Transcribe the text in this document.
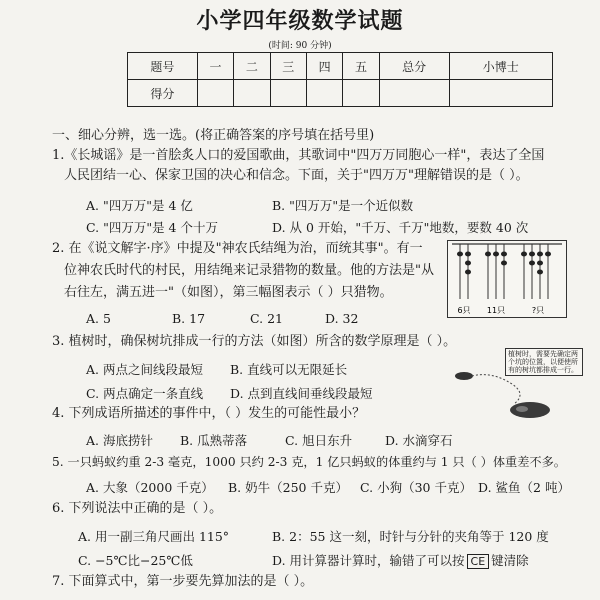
小学四年级数学试题
(时间: 90 分钟)
题号	一	二	三	四	五	总分	小博士
得分							
一、细心分辨，选一选。(将正确答案的序号填在括号里)
1.《长城谣》是一首脍炙人口的爱国歌曲，其歌词中"四万万同胞心一样"，表达了全国
人民团结一心、保家卫国的决心和信念。下面，关于"四万万"理解错误的是（ ）。
A. "四万万"是 4 亿	B. "四万万"是一个近似数
C. "四万万"是 4 个十万	D. 从 0 开始，"千万、千万"地数，要数 40 次
2. 在《说文解字·序》中提及"神农氏结绳为治，而统其事"。有一
位神农氏时代的村民，用结绳来记录猎物的数量。他的方法是"从
右往左，满五进一"（如图），第三幅图表示（ ）只猎物。
A. 5	B. 17	C. 21	D. 32
6只 11只	?只
3. 植树时，确保树坑排成一行的方法（如图）所含的数学原理是（ ）。
A. 两点之间线段最短 B. 直线可以无限延长
C. 两点确定一条直线 D. 点到直线间垂线段最短
植树时，需要先确定两个坑的位置，以便使所有的树坑都排成一行。
4. 下列成语所描述的事件中，（ ）发生的可能性最小？
A. 海底捞针 B. 瓜熟蒂落	C. 旭日东升	D. 水滴穿石
5. 一只蚂蚁约重 2-3 毫克，1000 只约 2-3 克，1 亿只蚂蚁的体重约与 1 只（ ）体重差不多。
A. 大象（2000 千克） B. 奶牛（250 千克） C. 小狗（30 千克） D. 鲨鱼（2 吨）
6. 下列说法中正确的是（ ）。
A. 用一副三角尺画出 115°	B. 2：55 这一刻，时针与分针的夹角等于 120 度
C. −5℃比−25℃低	D. 用计算器计算时，输错了可以按 CE 键清除
7. 下面算式中，第一步要先算加法的是（ ）。
